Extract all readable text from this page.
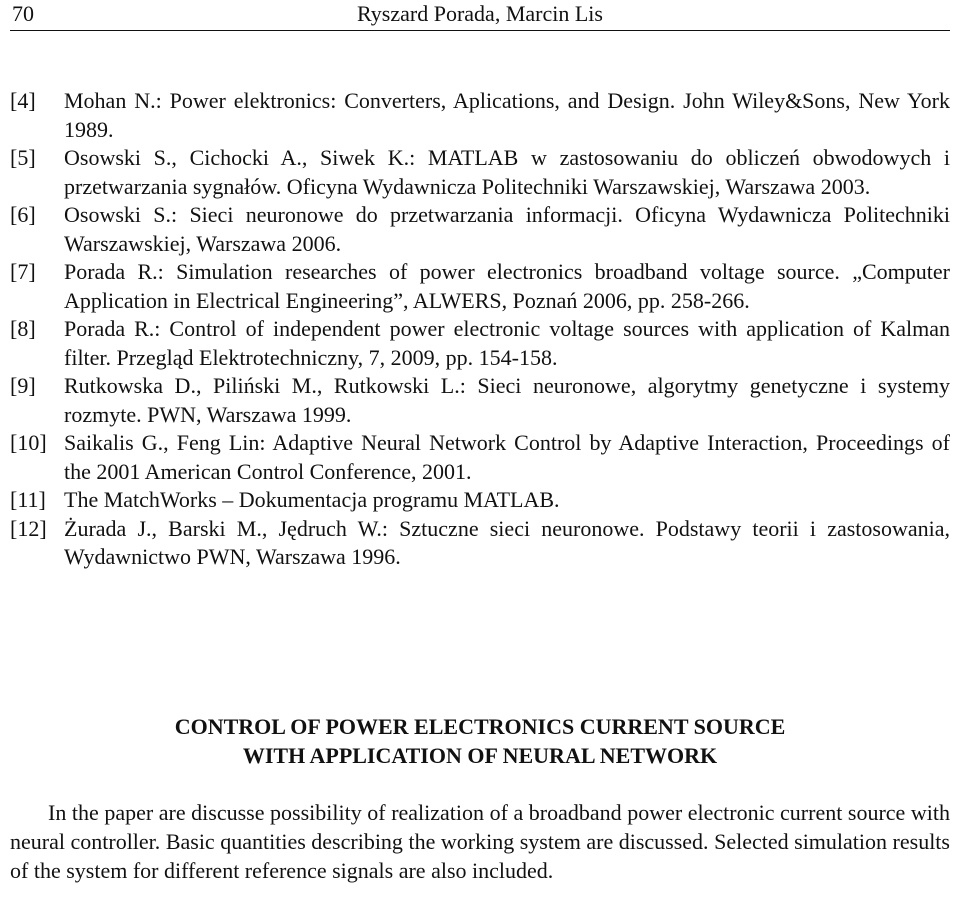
70	Ryszard Porada, Marcin Lis
[4] Mohan N.: Power elektronics: Converters, Aplications, and Design. John Wiley&Sons, New York 1989.
[5] Osowski S., Cichocki A., Siwek K.: MATLAB w zastosowaniu do obliczeń obwodowych i przetwarzania sygnałów. Oficyna Wydawnicza Politechniki Warszawskiej, Warszawa 2003.
[6] Osowski S.: Sieci neuronowe do przetwarzania informacji. Oficyna Wydawnicza Politechniki Warszawskiej, Warszawa 2006.
[7] Porada R.: Simulation researches of power electronics broadband voltage source. „Computer Application in Electrical Engineering”, ALWERS, Poznań 2006, pp. 258-266.
[8] Porada R.: Control of independent power electronic voltage sources with application of Kalman filter. Przegląd Elektrotechniczny, 7, 2009, pp. 154-158.
[9] Rutkowska D., Piliński M., Rutkowski L.: Sieci neuronowe, algorytmy genetyczne i systemy rozmyte. PWN, Warszawa 1999.
[10] Saikalis G., Feng Lin: Adaptive Neural Network Control by Adaptive Interaction, Proceedings of the 2001 American Control Conference, 2001.
[11] The MatchWorks – Dokumentacja programu MATLAB.
[12] Żurada J., Barski M., Jędruch W.: Sztuczne sieci neuronowe. Podstawy teorii i zastosowania, Wydawnictwo PWN, Warszawa 1996.
CONTROL OF POWER ELECTRONICS CURRENT SOURCE
WITH APPLICATION OF NEURAL NETWORK

In the paper are discusse possibility of realization of a broadband power electronic current source with neural controller. Basic quantities describing the working system are discussed. Selected simulation results of the system for different reference signals are also included.
